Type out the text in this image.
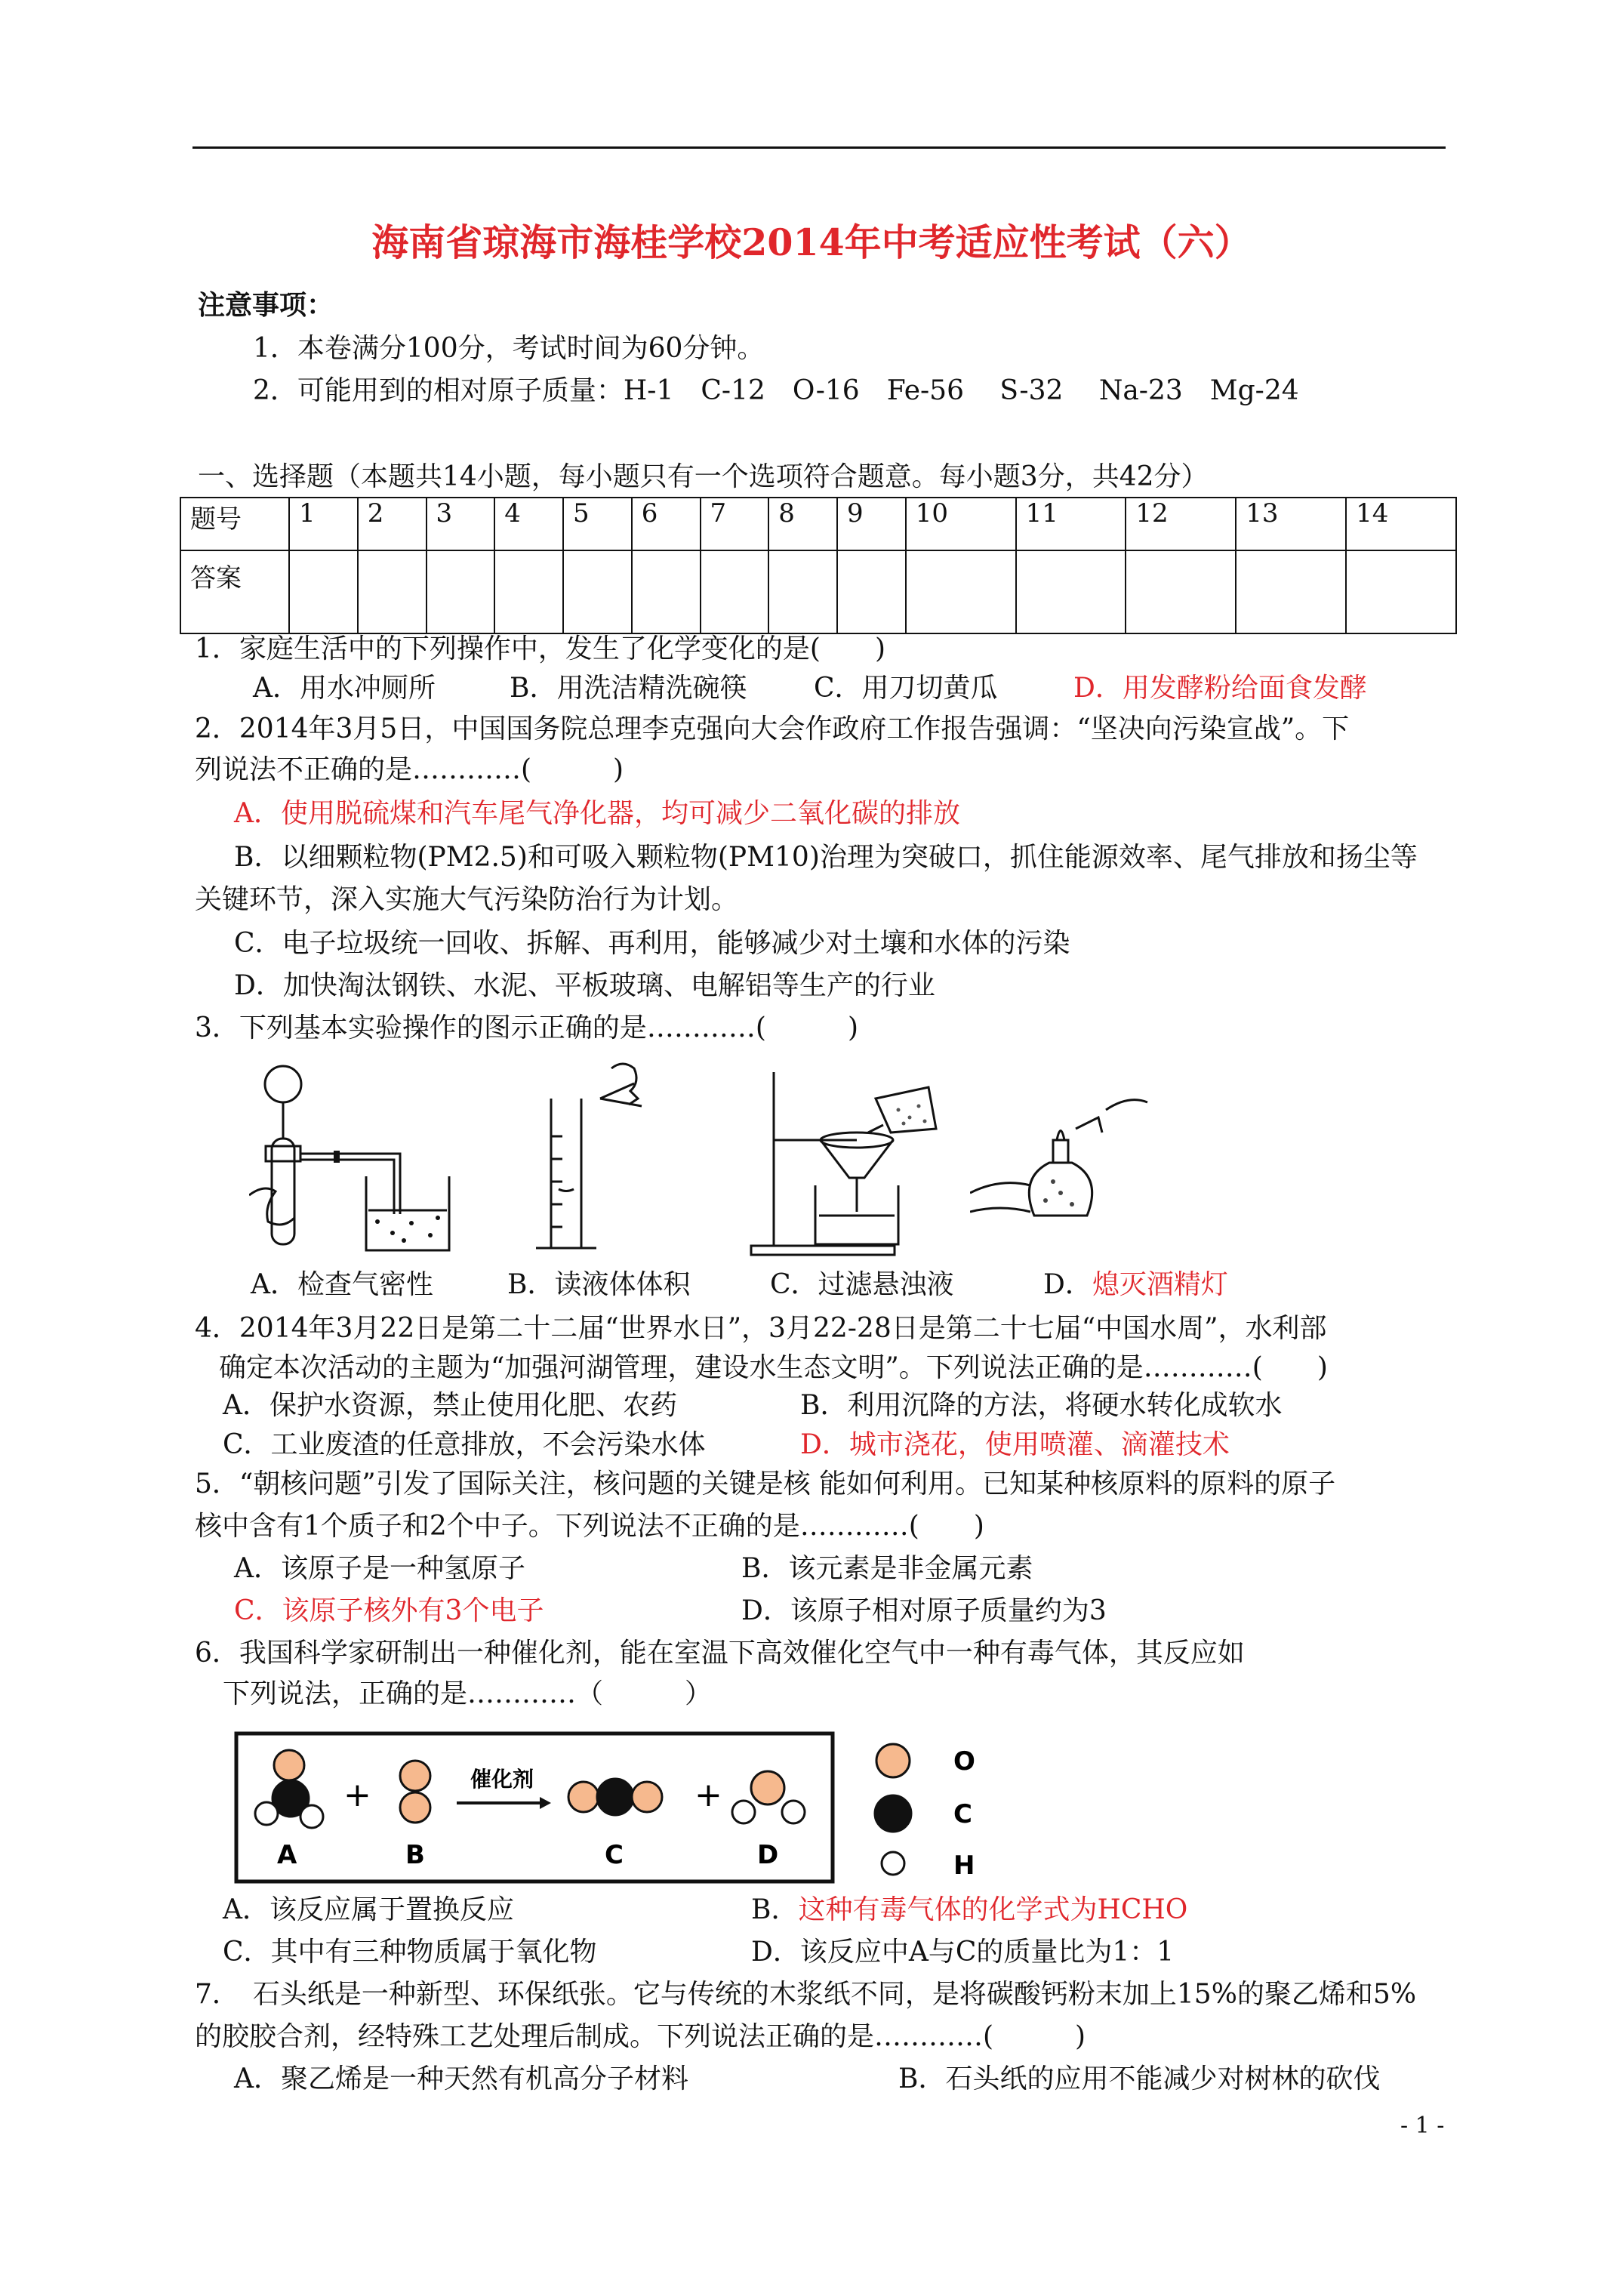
海南省琼海市海桂学校2014年中考适应性考试（六）
注意事项：
1．本卷满分100分，考试时间为60分钟。
2．可能用到的相对原子质量：H-1　C-12　O-16　Fe-56　 S-32　 Na-23　Mg-24
一、选择题（本题共14小题，每小题只有一个选项符合题意。每小题3分，共42分）
题号	1	2	3	4	5	6	7	8	9	10	11	12	13	14
答案														
1．家庭生活中的下列操作中，发生了化学变化的是(　　)
A．用水冲厕所	B．用洗洁精洗碗筷 C．用刀切黄瓜	D．用发酵粉给面食发酵
2．2014年3月5日，中国国务院总理李克强向大会作政府工作报告强调：“坚决向污染宣战”。下
列说法不正确的是…………(　　　)
A．使用脱硫煤和汽车尾气净化器，均可减少二氧化碳的排放
B．以细颗粒物(PM2.5)和可吸入颗粒物(PM10)治理为突破口，抓住能源效率、尾气排放和扬尘等
关键环节，深入实施大气污染防治行为计划。
C．电子垃圾统一回收、拆解、再利用，能够减少对土壤和水体的污染
D．加快淘汰钢铁、水泥、平板玻璃、电解铝等生产的行业
3．下列基本实验操作的图示正确的是…………(　　　)
A．检查气密性	B．读液体体积	C．过滤悬浊液	D．熄灭酒精灯
4．2014年3月22日是第二十二届“世界水日”，3月22-28日是第二十七届“中国水周”，水利部
确定本次活动的主题为“加强河湖管理，建设水生态文明”。下列说法正确的是…………(　　)
A．保护水资源，禁止使用化肥、农药	B．利用沉降的方法，将硬水转化成软水
C．工业废渣的任意排放，不会污染水体	D．城市浇花，使用喷灌、滴灌技术
5．“朝核问题”引发了国际关注，核问题的关键是核 能如何利用。已知某种核原料的原料的原子
核中含有1个质子和2个中子。下列说法不正确的是…………(　　)
A．该原子是一种氢原子	B．该元素是非金属元素
C．该原子核外有3个电子	D．该原子相对原子质量约为3
6．我国科学家研制出一种催化剂，能在室温下高效催化空气中一种有毒气体，其反应如
下列说法，正确的是…………（　　　）
+	+
催化剂
A	B	C	D
O
C
H
A．该反应属于置换反应	B．这种有毒气体的化学式为HCHO
C．其中有三种物质属于氧化物	D．该反应中A与C的质量比为1：1
7．　石头纸是一种新型、环保纸张。它与传统的木浆纸不同，是将碳酸钙粉末加上15%的聚乙烯和5%
的胶胶合剂，经特殊工艺处理后制成。下列说法正确的是…………(　　　)
A．聚乙烯是一种天然有机高分子材料	B．石头纸的应用不能减少对树林的砍伐
- 1 -
